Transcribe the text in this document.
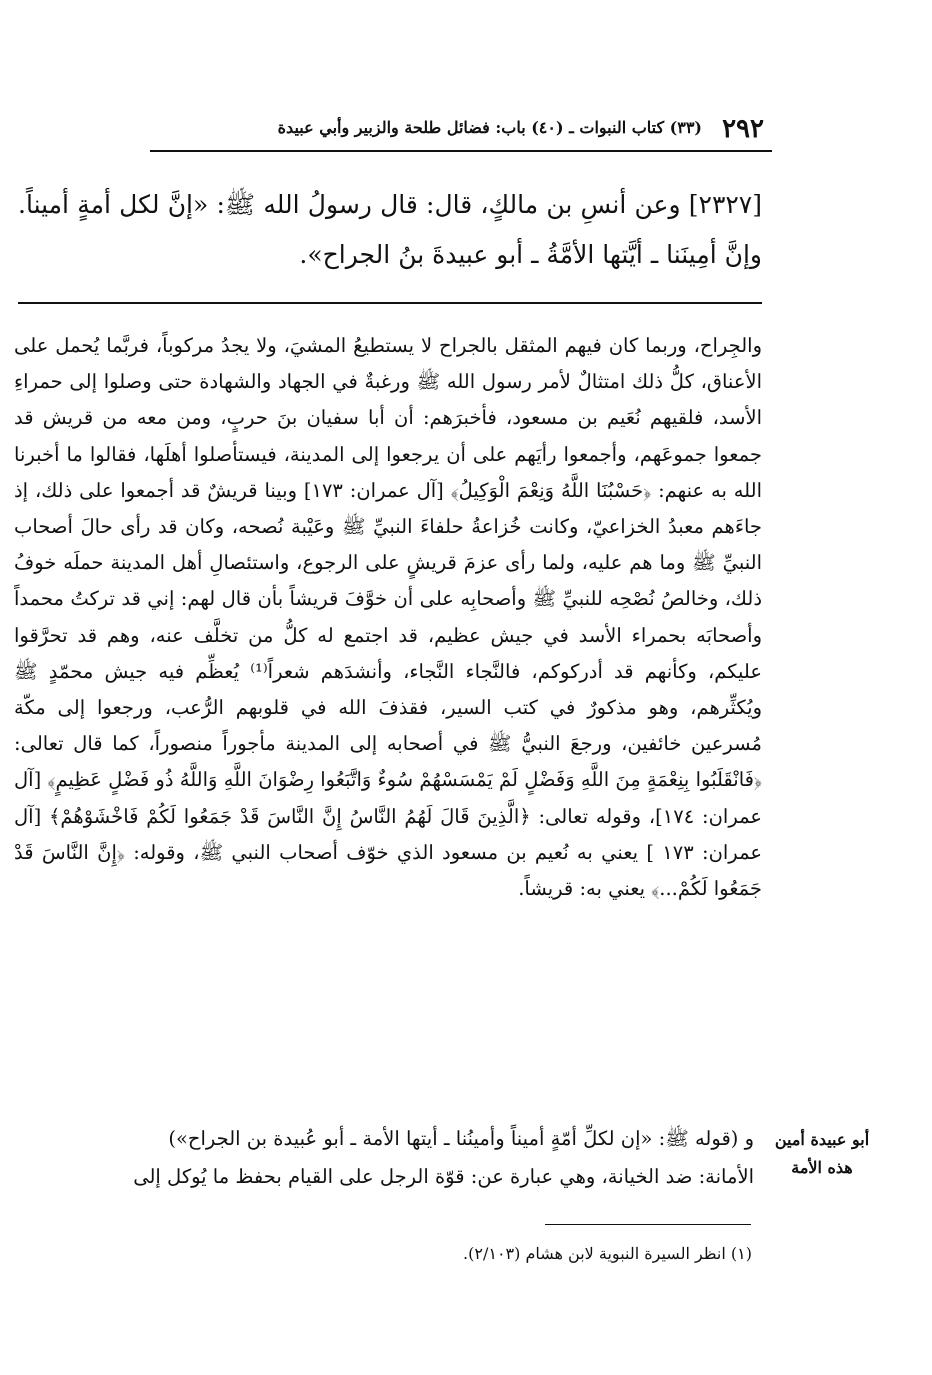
٢٩٢
(٣٣) كتاب النبوات ـ (٤٠) باب: فضائل طلحة والزبير وأبي عبيدة
[٢٣٢٧] وعن أنسِ بن مالكٍ، قال: قال رسولُ الله ﷺ: «إنَّ لكل أمةٍ أميناً. وإنَّ أمِينَنا ـ أيَّتها الأمَّةُ ـ أبو عبيدةَ بنُ الجراح».

والجِراح، وربما كان فيهم المثقل بالجراح لا يستطيعُ المشيَ، ولا يجدُ مركوباً، فربَّما يُحمل على الأعناق، كلُّ ذلك امتثالٌ لأمر رسول الله ﷺ ورغبةٌ في الجهاد والشهادة حتى وصلوا إلى حمراءِ الأسد، فلقيهم نُعَيم بن مسعود، فأخبرَهم: أن أبا سفيان بنَ حربٍ، ومن معه من قريش قد جمعوا جموعَهم، وأجمعوا رأيَهم على أن يرجعوا إلى المدينة، فيستأصلوا أهلَها، فقالوا ما أخبرنا الله به عنهم: ﴿حَسْبُنَا اللَّهُ وَنِعْمَ الْوَكِيلُ﴾ [آل عمران: ١٧٣] وبينا قريشٌ قد أجمعوا على ذلك، إذ جاءَهم معبدُ الخزاعيّ، وكانت خُزاعةُ حلفاءَ النبيِّ ﷺ وعَيْبة نُصحه، وكان قد رأى حالَ أصحاب النبيِّ ﷺ وما هم عليه، ولما رأى عزمَ قريشٍ على الرجوع، واستئصالِ أهل المدينة حملَه خوفُ ذلك، وخالصُ نُصْحِه للنبيِّ ﷺ وأصحابِه على أن خوَّفَ قريشاً بأن قال لهم: إني قد تركتُ محمداً وأصحابَه بحمراء الأسد في جيش عظيم، قد اجتمع له كلُّ من تخلَّف عنه، وهم قد تحرَّقوا عليكم، وكأنهم قد أدركوكم، فالنَّجاء النَّجاء، وأنشدَهم شعراً⁽¹⁾ يُعظِّم فيه جيش محمّدٍ ﷺ ويُكثِّرهم، وهو مذكورٌ في كتب السير، فقذفَ الله في قلوبهم الرُّعب، ورجعوا إلى مكّة مُسرعين خائفين، ورجعَ النبيُّ ﷺ في أصحابه إلى المدينة مأجوراً منصوراً، كما قال تعالى: ﴿فَانْقَلَبُوا بِنِعْمَةٍ مِنَ اللَّهِ وَفَضْلٍ لَمْ يَمْسَسْهُمْ سُوءٌ وَاتَّبَعُوا رِضْوَانَ اللَّهِ وَاللَّهُ ذُو فَضْلٍ عَظِيمٍ﴾ [آل عمران: ١٧٤]، وقوله تعالى: ﴿الَّذِينَ قَالَ لَهُمُ النَّاسُ إِنَّ النَّاسَ قَدْ جَمَعُوا لَكُمْ فَاخْشَوْهُمْ﴾ [آل عمران: ١٧٣ ] يعني به نُعيم بن مسعود الذي خوّف أصحاب النبي ﷺ، وقوله: ﴿إِنَّ النَّاسَ قَدْ جَمَعُوا لَكُمْ...﴾ يعني به: قريشاً.

أبو عبيدة أمين
هذه الأمة

و (قوله ﷺ: «إن لكلِّ أمّةٍ أميناً وأمينُنا ـ أيتها الأمة ـ أبو عُبيدة بن الجراح»)

الأمانة: ضد الخيانة، وهي عبارة عن: قوّة الرجل على القيام بحفظ ما يُوكل إلى

(١) انظر السيرة النبوية لابن هشام (٢/١٠٣).
